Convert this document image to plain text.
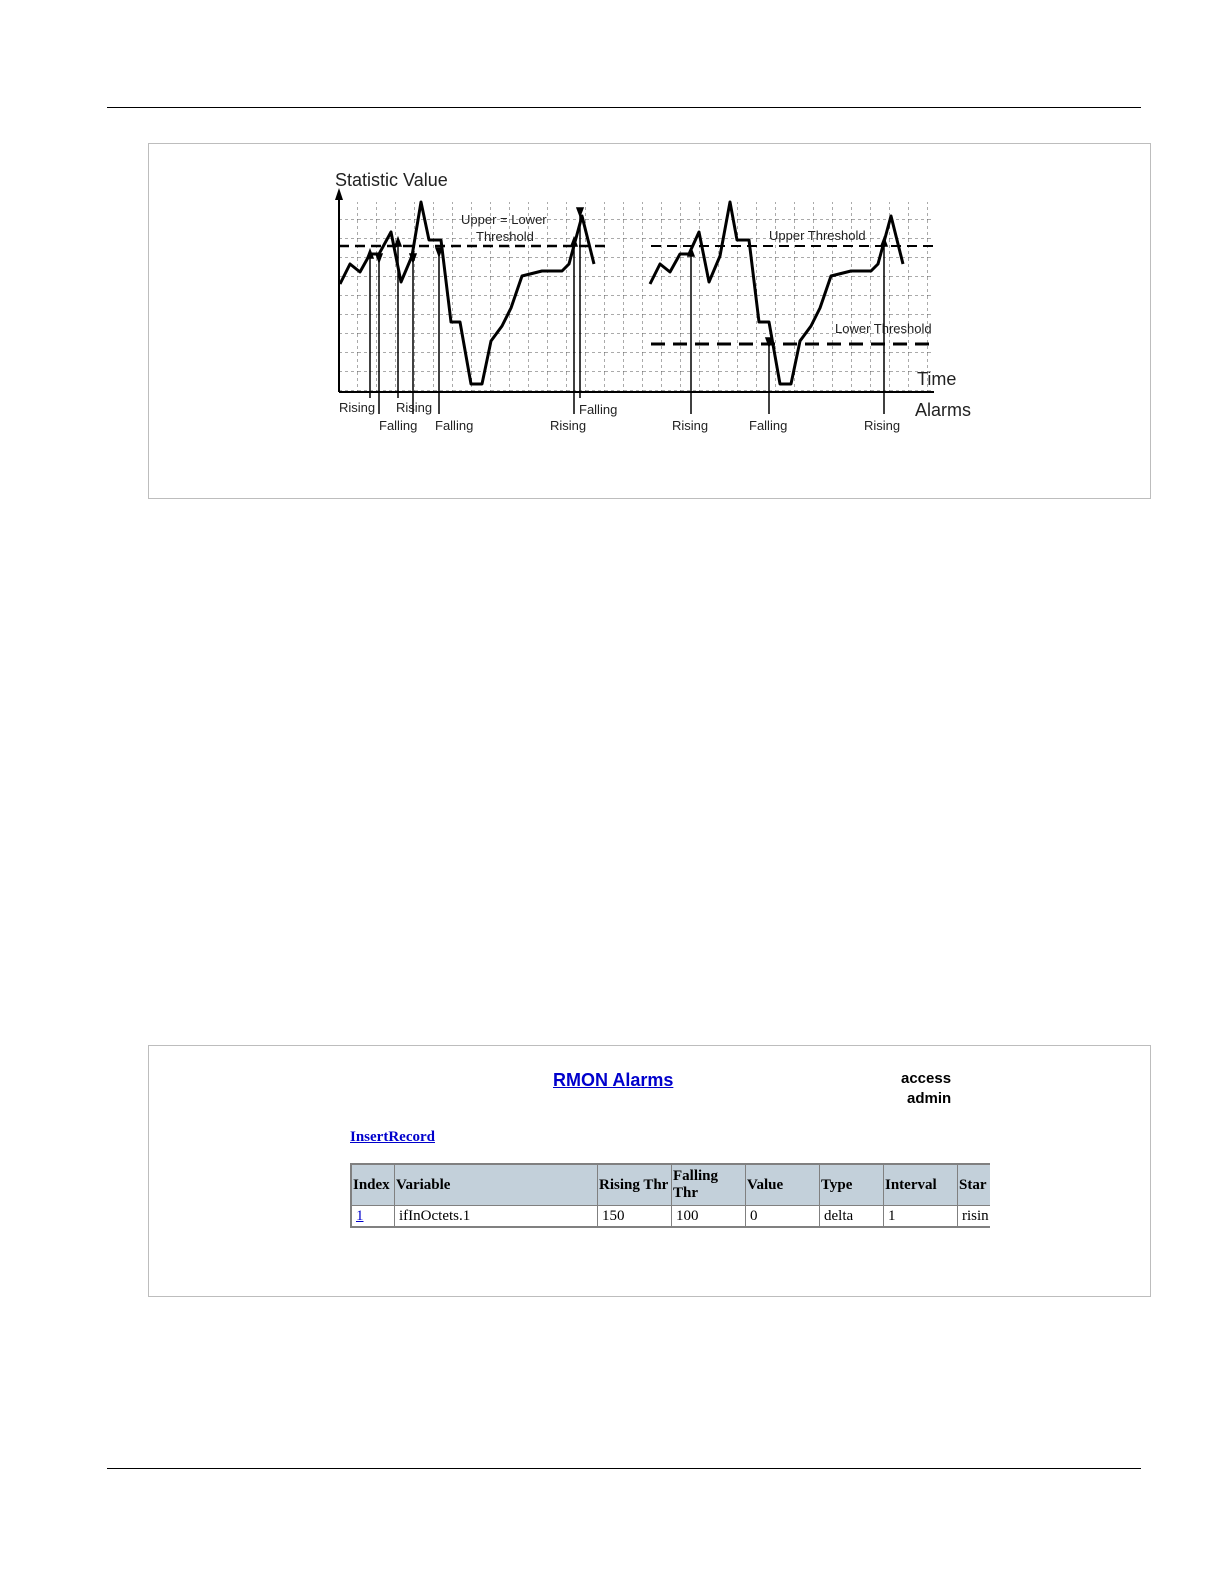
Statistic Value
Upper = Lower
Threshold	Upper Threshold
Lower Threshold
Time
Alarms
Rising
Falling
Rising
Falling	Rising
Falling
Rising	Falling	Rising
RMON Alarms	access
admin
InsertRecord
Index	Variable	Rising Thr	Falling Thr	Value	Type	Interval	Star
1	ifInOctets.1	150	100	0	delta	1	risin
